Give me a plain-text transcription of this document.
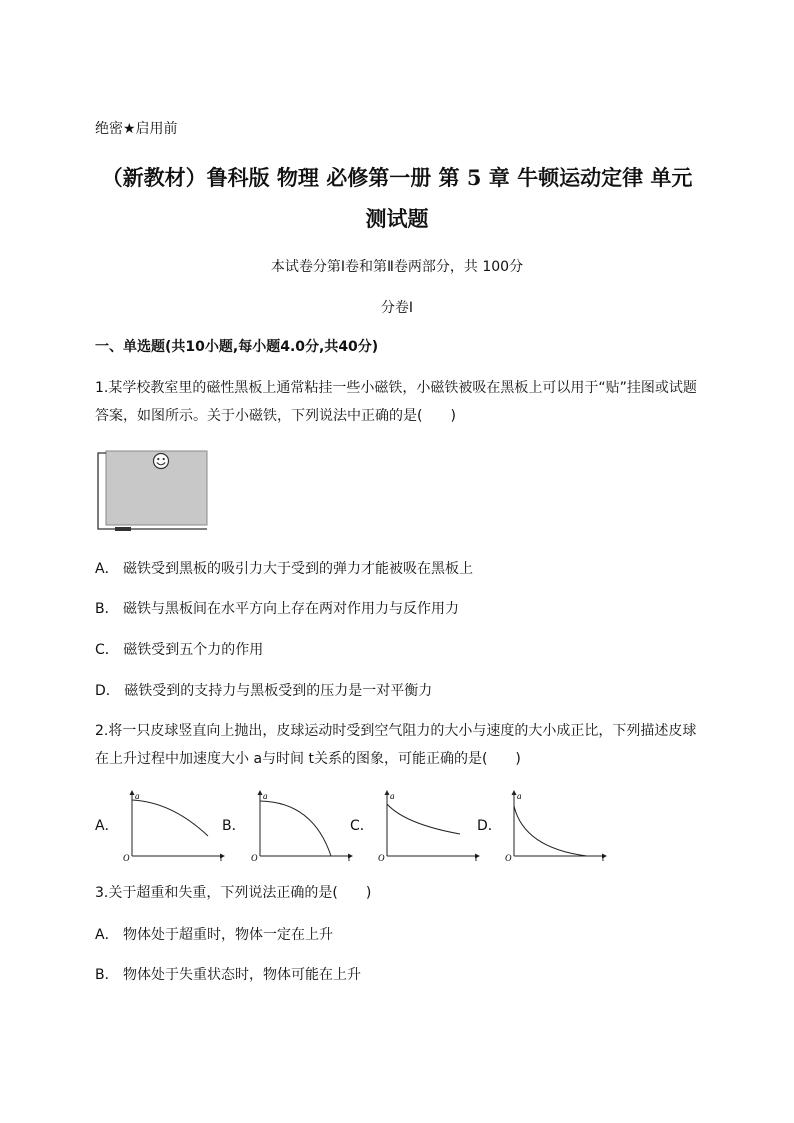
绝密★启用前
（新教材）鲁科版 物理 必修第一册 第 5 章 牛顿运动定律 单元
测试题
本试卷分第Ⅰ卷和第Ⅱ卷两部分，共 100分
分卷I
一、单选题(共10小题,每小题4.0分,共40分)
1.某学校教室里的磁性黑板上通常粘挂一些小磁铁，小磁铁被吸在黑板上可以用于“贴”挂图或试题
答案，如图所示。关于小磁铁，下列说法中正确的是(　　)
A． 磁铁受到黑板的吸引力大于受到的弹力才能被吸在黑板上
B． 磁铁与黑板间在水平方向上存在两对作用力与反作用力
C． 磁铁受到五个力的作用
D． 磁铁受到的支持力与黑板受到的压力是一对平衡力
2.将一只皮球竖直向上抛出，皮球运动时受到空气阻力的大小与速度的大小成正比，下列描述皮球
在上升过程中加速度大小 a与时间 t关系的图象，可能正确的是(　　)
A．
a
t
O
B．
a
t
O
C．
a
t
O
D．
a
t
O
3.关于超重和失重，下列说法正确的是(　　)
A． 物体处于超重时，物体一定在上升
B． 物体处于失重状态时，物体可能在上升
